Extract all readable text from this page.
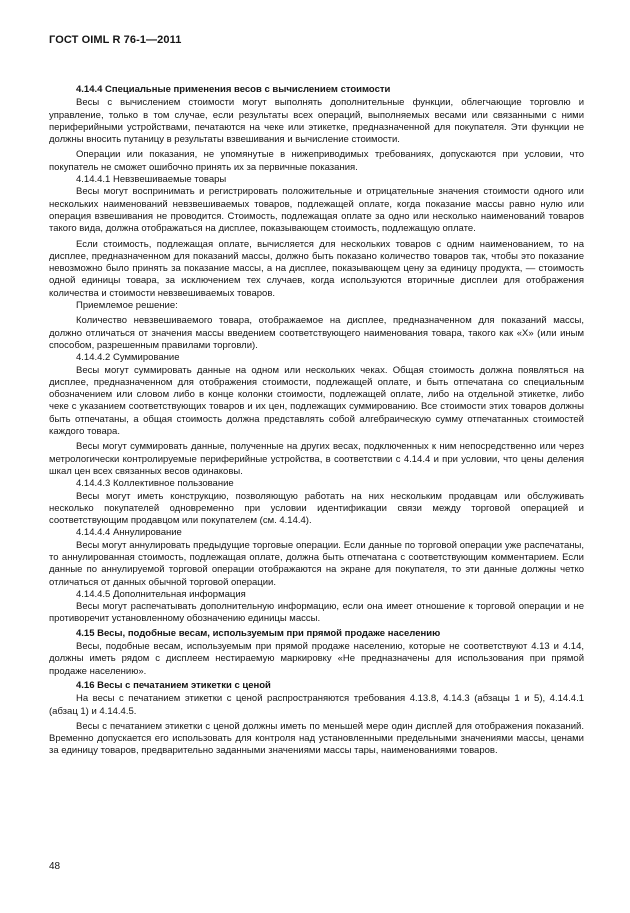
ГОСТ OIML R 76-1—2011

4.14.4 Специальные применения весов с вычислением стоимости

Весы с вычислением стоимости могут выполнять дополнительные функции, облегчающие торговлю и управление, только в том случае, если результаты всех операций, выполняемых весами или связанными с ними периферийными устройствами, печатаются на чеке или этикетке, предназначенной для покупателя. Эти функции не должны вносить путаницу в результаты взвешивания и вычисление стоимости.

Операции или показания, не упомянутые в нижеприводимых требованиях, допускаются при условии, что покупатель не сможет ошибочно принять их за первичные показания.

4.14.4.1 Невзвешиваемые товары

Весы могут воспринимать и регистрировать положительные и отрицательные значения стоимости одного или нескольких наименований невзвешиваемых товаров, подлежащей оплате, когда показание массы равно нулю или операция взвешивания не проводится. Стоимость, подлежащая оплате за одно или несколько наименований товаров такого вида, должна отображаться на дисплее, показывающем стоимость, подлежащую оплате.

Если стоимость, подлежащая оплате, вычисляется для нескольких товаров с одним наименованием, то на дисплее, предназначенном для показаний массы, должно быть показано количество товаров так, чтобы это показание невозможно было принять за показание массы, а на дисплее, показывающем цену за единицу продукта, — стоимость одной единицы товара, за исключением тех случаев, когда используются вторичные дисплеи для отображения количества и стоимости невзвешиваемых товаров.

Приемлемое решение:

Количество невзвешиваемого товара, отображаемое на дисплее, предназначенном для показаний массы, должно отличаться от значения массы введением соответствующего наименования товара, такого как «X» (или иным способом, разрешенным правилами торговли).

4.14.4.2 Суммирование

Весы могут суммировать данные на одном или нескольких чеках. Общая стоимость должна появляться на дисплее, предназначенном для отображения стоимости, подлежащей оплате, и быть отпечатана со специальным обозначением или словом либо в конце колонки стоимости, подлежащей оплате, либо на отдельной этикетке, либо чеке с указанием соответствующих товаров и их цен, подлежащих суммированию. Все стоимости этих товаров должны быть отпечатаны, а общая стоимость должна представлять собой алгебраическую сумму отпечатанных стоимостей каждого товара.

Весы могут суммировать данные, полученные на других весах, подключенных к ним непосредственно или через метрологически контролируемые периферийные устройства, в соответствии с 4.14.4 и при условии, что цены деления шкал цен всех связанных весов одинаковы.

4.14.4.3 Коллективное пользование

Весы могут иметь конструкцию, позволяющую работать на них нескольким продавцам или обслуживать несколько покупателей одновременно при условии идентификации связи между торговой операцией и соответствующим продавцом или покупателем (см. 4.14.4).

4.14.4.4 Аннулирование

Весы могут аннулировать предыдущие торговые операции. Если данные по торговой операции уже распечатаны, то аннулированная стоимость, подлежащая оплате, должна быть отпечатана с соответствующим комментарием. Если данные по аннулируемой торговой операции отображаются на экране для покупателя, то эти данные должны четко отличаться от данных обычной торговой операции.

4.14.4.5 Дополнительная информация

Весы могут распечатывать дополнительную информацию, если она имеет отношение к торговой операции и не противоречит установленному обозначению единицы массы.

4.15 Весы, подобные весам, используемым при прямой продаже населению

Весы, подобные весам, используемым при прямой продаже населению, которые не соответствуют 4.13 и 4.14, должны иметь рядом с дисплеем нестираемую маркировку «Не предназначены для использования при прямой продаже населению».

4.16 Весы с печатанием этикетки с ценой

На весы с печатанием этикетки с ценой распространяются требования 4.13.8, 4.14.3 (абзацы 1 и 5), 4.14.4.1 (абзац 1) и 4.14.4.5.

Весы с печатанием этикетки с ценой должны иметь по меньшей мере один дисплей для отображения показаний. Временно допускается его использовать для контроля над установленными предельными значениями массы, ценами за единицу товаров, предварительно заданными значениями массы тары, наименованиями товаров.

48
